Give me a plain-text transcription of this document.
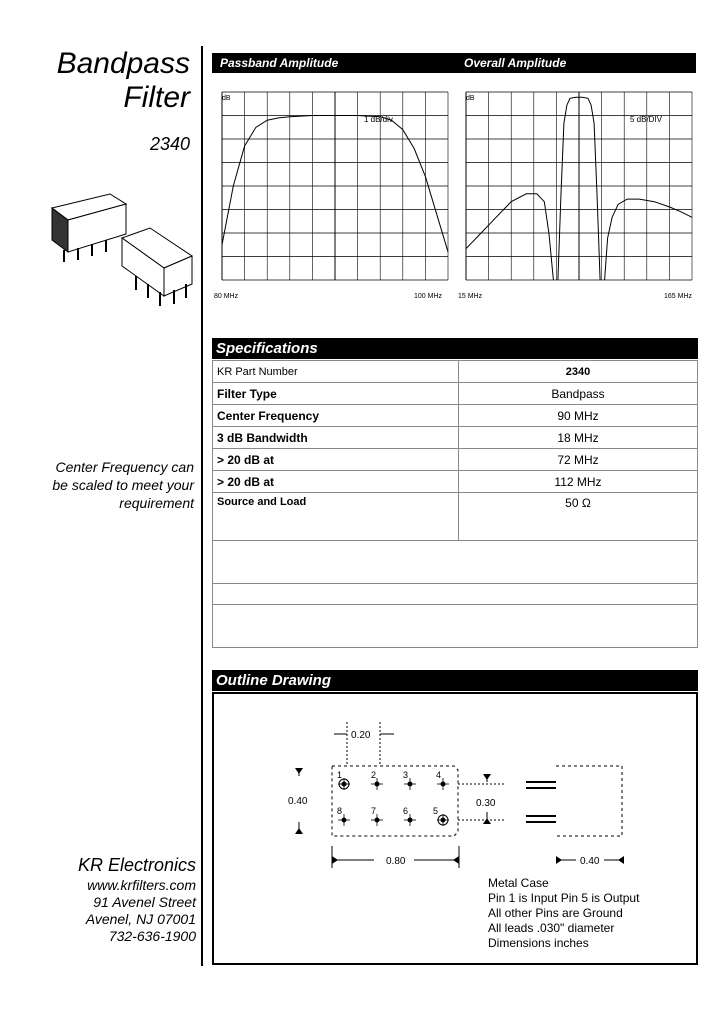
Bandpass
Filter
2340
Center Frequency can
be scaled to meet your
requirement
KR Electronics
www.krfilters.com
91 Avenel Street
Avenel, NJ 07001
732-636-1900
Passband Amplitude	Overall Amplitude
dB
1 dB/div
80 MHz	100 MHz
dB
5 dB/DIV
15 MHz	165 MHz
Specifications
KR Part Number	2340
Filter Type	Bandpass
Center Frequency	90 MHz
3 dB Bandwidth	18 MHz
> 20 dB at	72 MHz
> 20 dB at	112 MHz
Source and Load	50 Ω

Outline Drawing
0.20
0.40
1	2	3	4
8	7	6	5
0.30
0.80	0.40
Metal Case
Pin 1 is Input Pin 5 is Output
All other Pins are Ground
All leads .030" diameter
Dimensions inches
